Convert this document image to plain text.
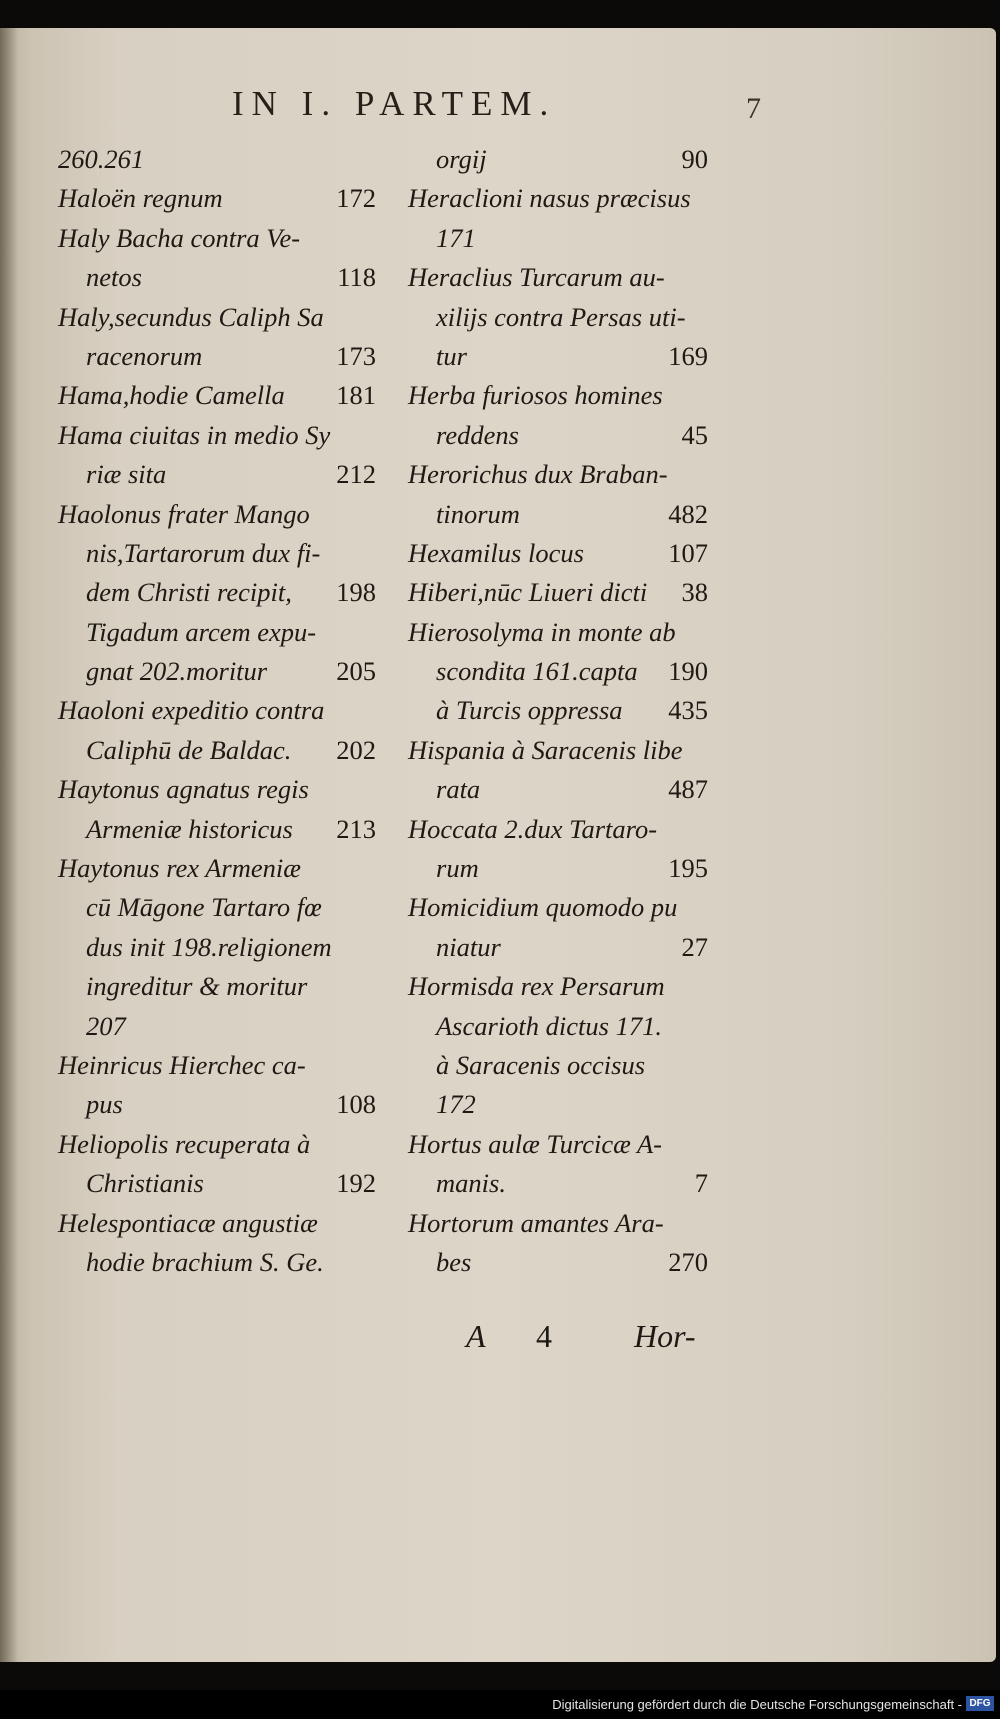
IN I. PARTEM.	7
260.261
Haloën regnum	172
Haly Bacha contra Ve-
netos	118
Haly,secundus Caliph Sa
racenorum	173
Hama,hodie Camella 181
Hama ciuitas in medio Sy
riæ sita	212
Haolonus frater Mango
nis,Tartarorum dux fi-
dem Christi recipit, 198
Tigadum arcem expu-
gnat 202.moritur	205
Haoloni expeditio contra
Caliphū de Baldac. 202
Haytonus agnatus regis
Armeniæ historicus 213
Haytonus rex Armeniæ
cū Māgone Tartaro fœ
dus init 198.religionem
ingreditur & moritur
207
Heinricus Hierchec ca-
pus	108
Heliopolis recuperata à
Christianis	192
Helespontiacæ angustiæ
hodie brachium S. Ge.
orgij	90
Heraclioni nasus præcisus
171
Heraclius Turcarum au-
xilijs contra Persas uti-
tur	169
Herba furiosos homines
reddens	45
Herorichus dux Braban-
tinorum	482
Hexamilus locus	107
Hiberi,nūc Liueri dicti 38
Hierosolyma in monte ab
scondita 161.capta 190
à Turcis oppressa 435
Hispania à Saracenis libe
rata	487
Hoccata 2.dux Tartaro-
rum	195
Homicidium quomodo pu
niatur	27
Hormisda rex Persarum
Ascarioth dictus 171.
à Saracenis occisus
172
Hortus aulæ Turcicæ A-
manis.	7
Hortorum amantes Ara-
bes	270
A 4	Hor-
Digitalisierung gefördert durch die Deutsche Forschungsgemeinschaft - DFG
